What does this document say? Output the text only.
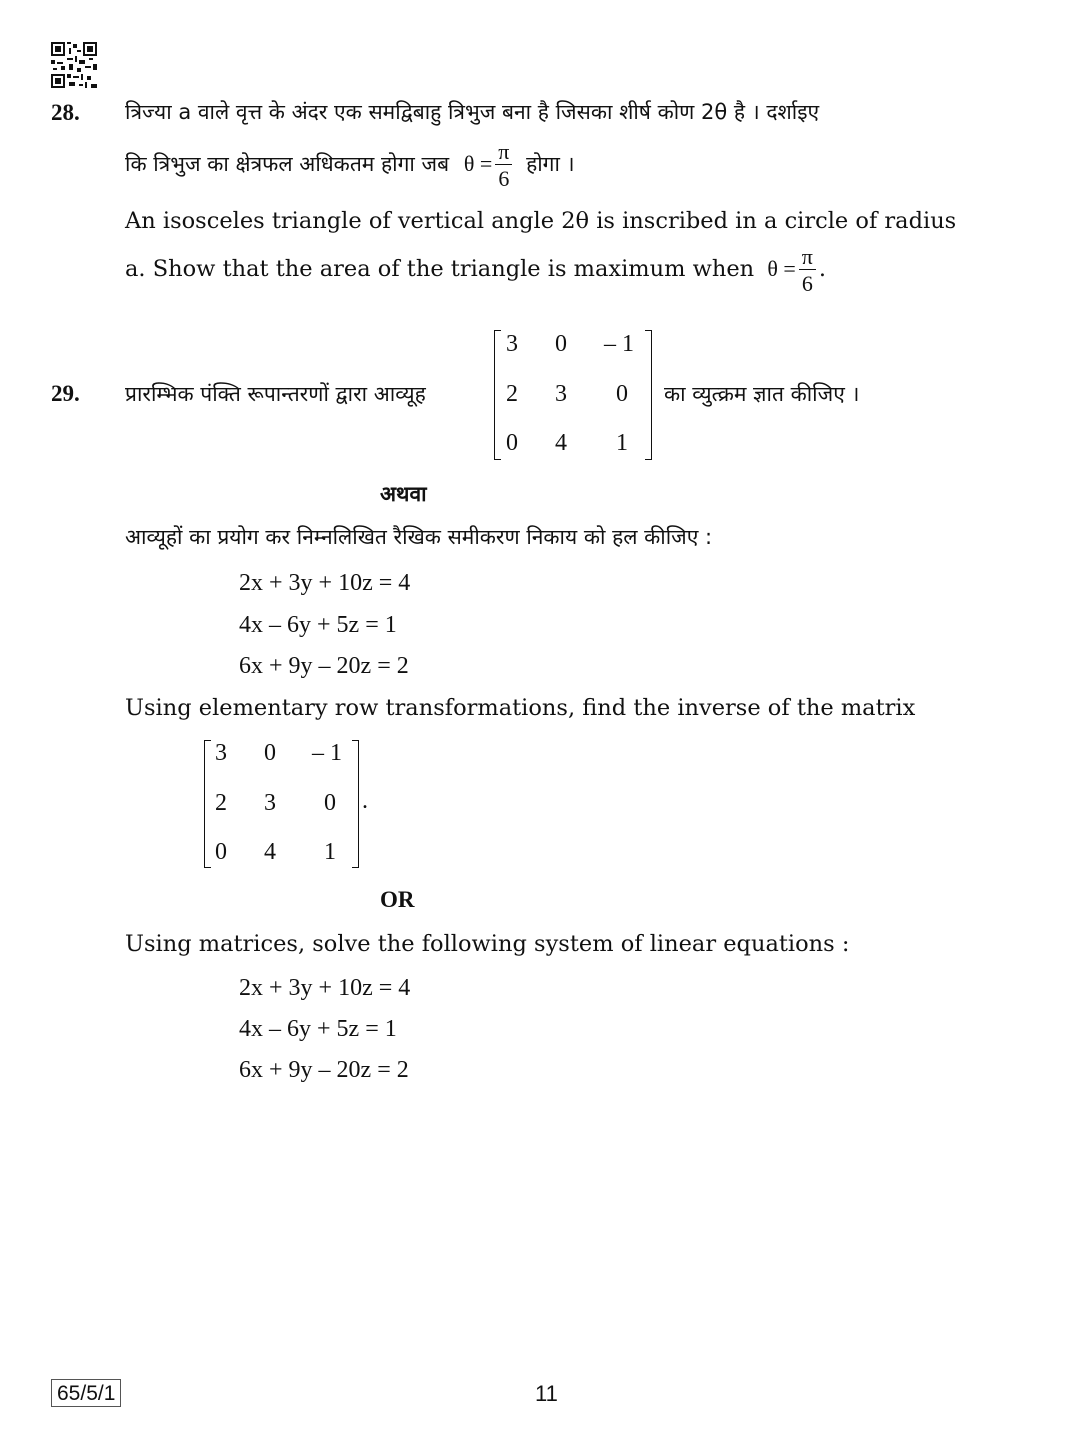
28. त्रिज्या a वाले वृत्त के अंदर एक समद्विबाहु त्रिभुज बना है जिसका शीर्ष कोण 2θ है । दर्शाइए
कि त्रिभुज का क्षेत्रफल अधिकतम होगा जब $\theta = \frac{\pi}{6}$ होगा ।
An isosceles triangle of vertical angle 2θ is inscribed in a circle of radius
a. Show that the area of the triangle is maximum when $\theta = \frac{\pi}{6}$ .
29. प्रारम्भिक पंक्ति रूपान्तरणों द्वारा आव्यूह
3 0 – 1
2 3 0
0 4 1
का व्युत्क्रम ज्ञात कीजिए ।
अथवा
आव्यूहों का प्रयोग कर निम्नलिखित रैखिक समीकरण निकाय को हल कीजिए :
2x + 3y + 10z = 4
4x – 6y + 5z = 1
6x + 9y – 20z = 2
Using elementary row transformations, find the inverse of the matrix
3 0 – 1
2 3 0
0 4 1
.
OR
Using matrices, solve the following system of linear equations :
2x + 3y + 10z = 4
4x – 6y + 5z = 1
6x + 9y – 20z = 2
65/5/1	11
